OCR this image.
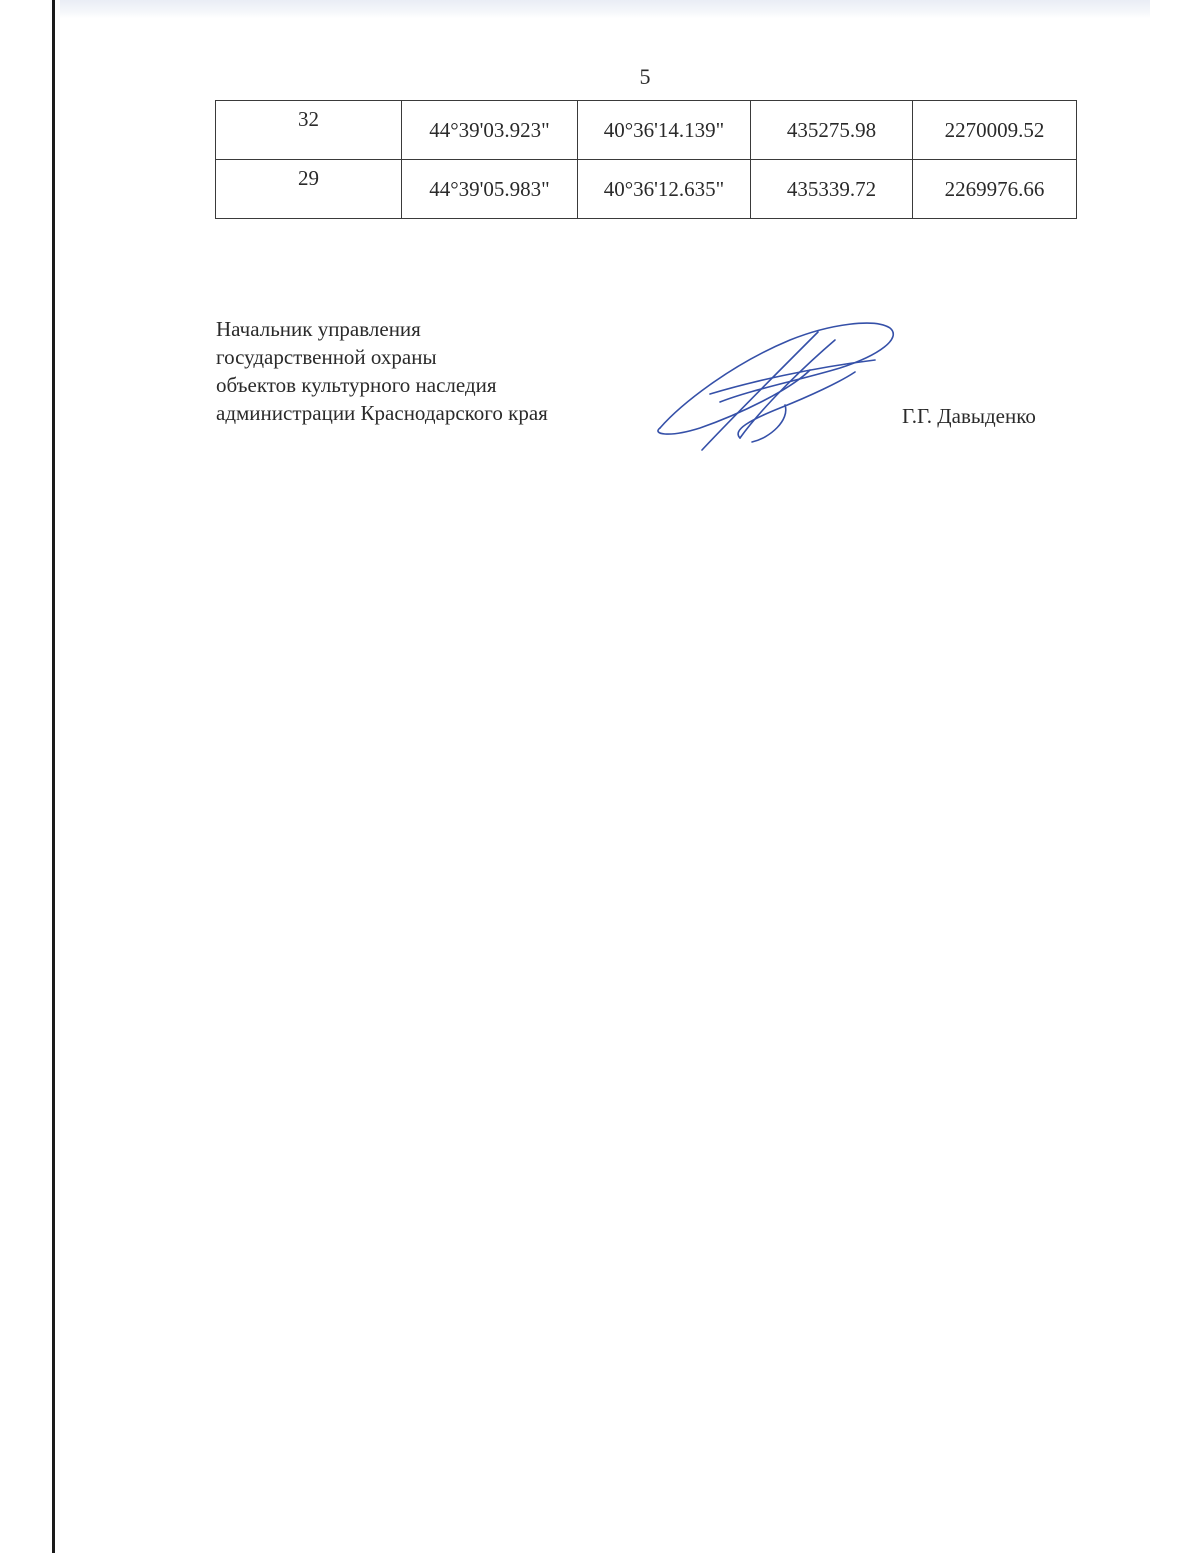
5
32	44°39'03.923"	40°36'14.139"	435275.98	2270009.52
29	44°39'05.983"	40°36'12.635"	435339.72	2269976.66
Начальник управления
государственной охраны
объектов культурного наследия
администрации Краснодарского края	Г.Г. Давыденко
